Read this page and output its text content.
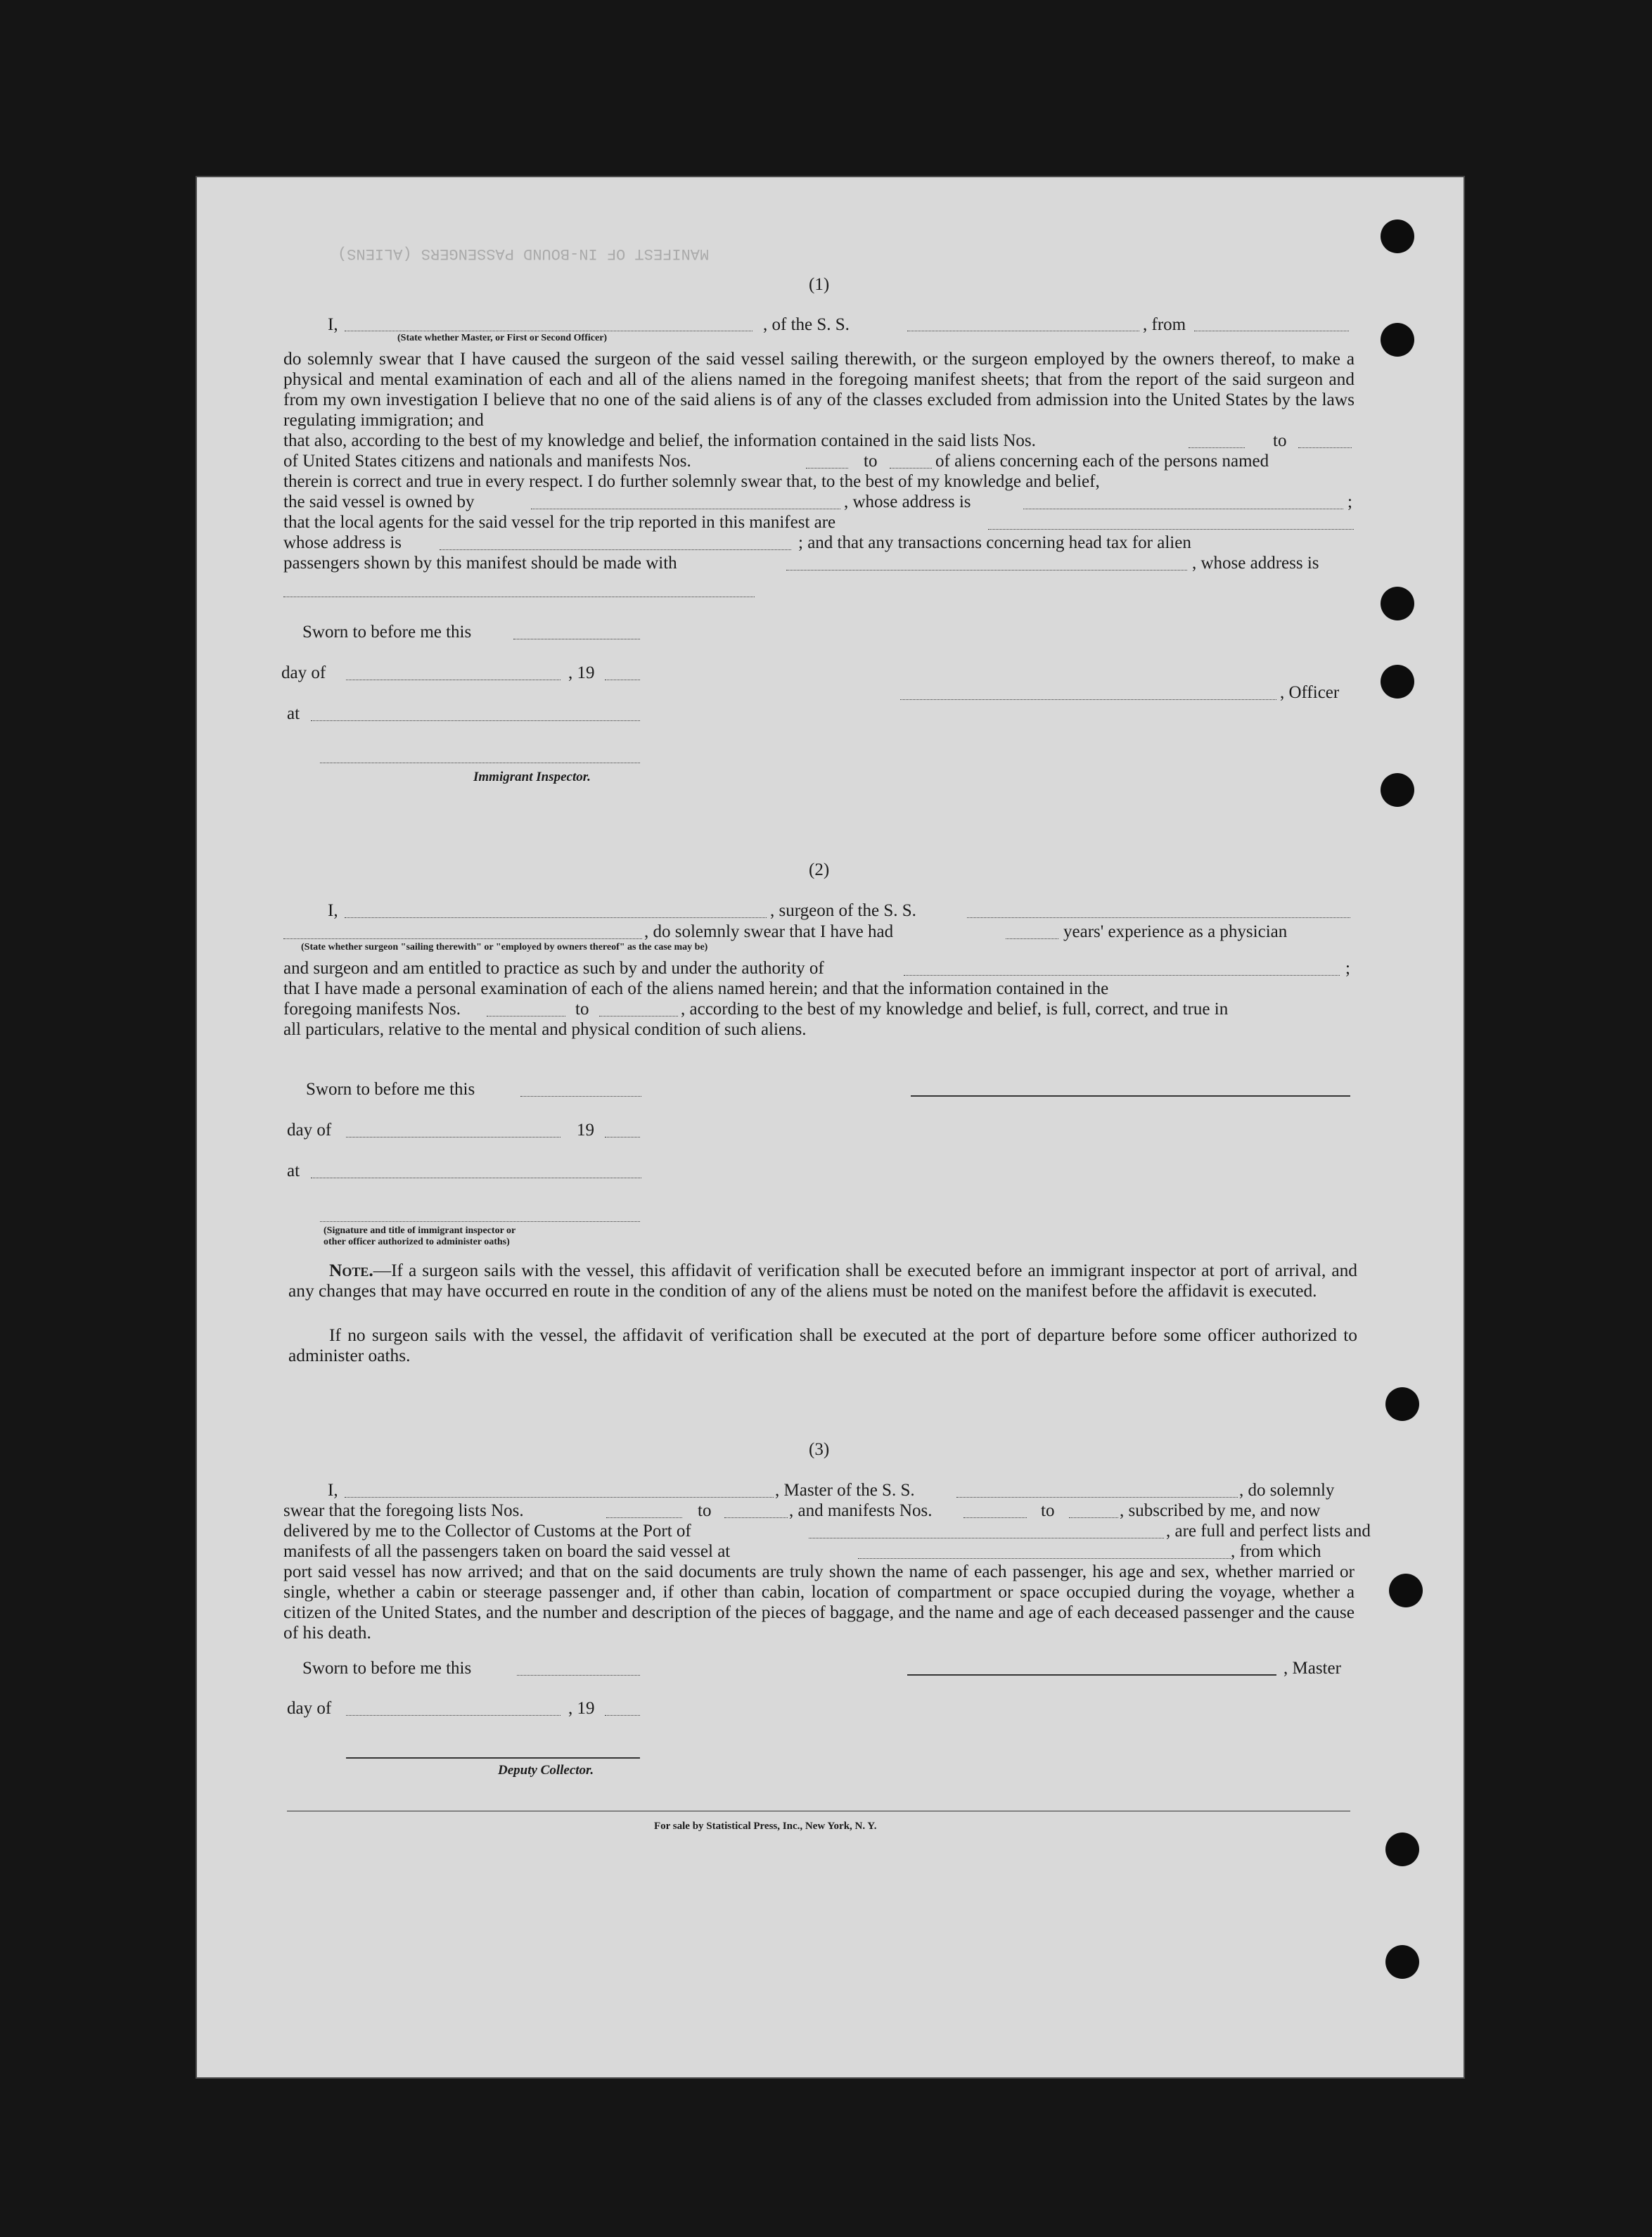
MANIFEST OF IN-BOUND PASSENGERS (ALIENS)
(1)
I,	, of the S. S.	, from
(State whether Master, or First or Second Officer)
do solemnly swear that I have caused the surgeon of the said vessel sailing therewith, or the surgeon employed by the owners thereof, to make a physical and mental examination of each and all of the aliens named in the foregoing manifest sheets; that from the report of the said surgeon and from my own investigation I believe that no one of the said aliens is of any of the classes excluded from admission into the United States by the laws regulating immigration; and
that also, according to the best of my knowledge and belief, the information contained in the said lists Nos.	to
of United States citizens and nationals and manifests Nos.	to	of aliens concerning each of the persons named
therein is correct and true in every respect. I do further solemnly swear that, to the best of my knowledge and belief,
the said vessel is owned by	, whose address is	;
that the local agents for the said vessel for the trip reported in this manifest are
whose address is	; and that any transactions concerning head tax for alien
passengers shown by this manifest should be made with	, whose address is
Sworn to before me this
day of	, 19
, Officer
at
Immigrant Inspector.
(2)
I,	, surgeon of the S. S.
, do solemnly swear that I have had	years' experience as a physician
(State whether surgeon "sailing therewith" or "employed by owners thereof" as the case may be)
and surgeon and am entitled to practice as such by and under the authority of	;
that I have made a personal examination of each of the aliens named herein; and that the information contained in the
foregoing manifests Nos.	to	, according to the best of my knowledge and belief, is full, correct, and true in
all particulars, relative to the mental and physical condition of such aliens.
Sworn to before me this
day of	19
at
(Signature and title of immigrant inspector or
other officer authorized to administer oaths)
Note.—If a surgeon sails with the vessel, this affidavit of verification shall be executed before an immigrant inspector at port of arrival, and any changes that may have occurred en route in the condition of any of the aliens must be noted on the manifest before the affidavit is executed.
If no surgeon sails with the vessel, the affidavit of verification shall be executed at the port of departure before some officer authorized to administer oaths.
(3)
I,	, Master of the S. S.	, do solemnly
swear that the foregoing lists Nos.	to	, and manifests Nos.	to	, subscribed by me, and now
delivered by me to the Collector of Customs at the Port of	, are full and perfect lists and
manifests of all the passengers taken on board the said vessel at	, from which
port said vessel has now arrived; and that on the said documents are truly shown the name of each passenger, his age and sex, whether married or single, whether a cabin or steerage passenger and, if other than cabin, location of compartment or space occupied during the voyage, whether a citizen of the United States, and the number and description of the pieces of baggage, and the name and age of each deceased passenger and the cause of his death.
Sworn to before me this	, Master
day of	, 19
Deputy Collector.
For sale by Statistical Press, Inc., New York, N. Y.
